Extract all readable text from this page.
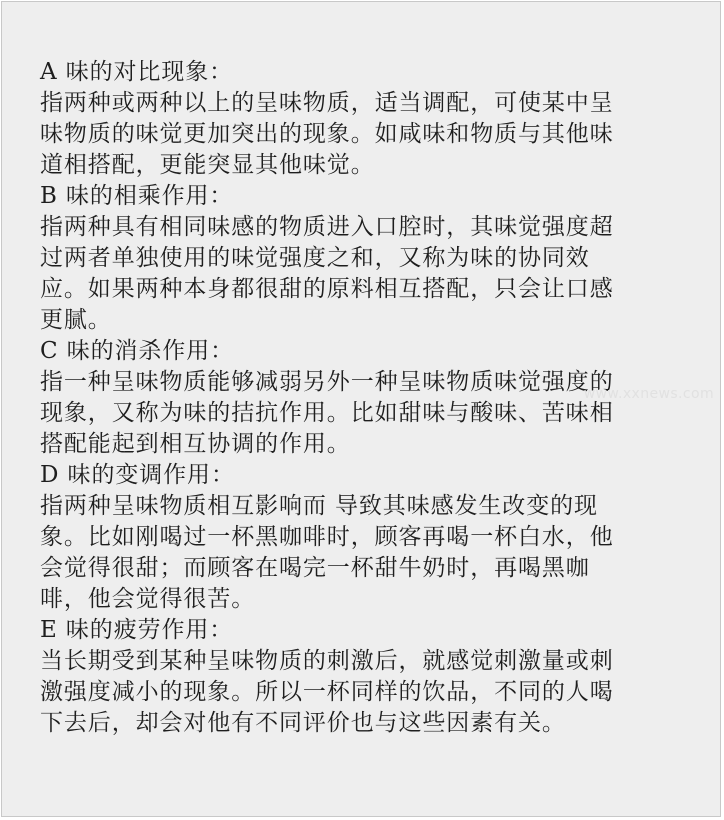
A 味的对比现象：
指两种或两种以上的呈味物质，适当调配，可使某中呈
味物质的味觉更加突出的现象。如咸味和物质与其他味
道相搭配，更能突显其他味觉。
B 味的相乘作用：
指两种具有相同味感的物质进入口腔时，其味觉强度超
过两者单独使用的味觉强度之和，又称为味的协同效
应。如果两种本身都很甜的原料相互搭配，只会让口感
更腻。
C 味的消杀作用：
指一种呈味物质能够减弱另外一种呈味物质味觉强度的
现象，又称为味的拮抗作用。比如甜味与酸味、苦味相
搭配能起到相互协调的作用。
D 味的变调作用：
指两种呈味物质相互影响而 导致其味感发生改变的现
象。比如刚喝过一杯黑咖啡时，顾客再喝一杯白水，他
会觉得很甜；而顾客在喝完一杯甜牛奶时，再喝黑咖
啡，他会觉得很苦。
E 味的疲劳作用：
当长期受到某种呈味物质的刺激后，就感觉刺激量或刺
激强度减小的现象。所以一杯同样的饮品，不同的人喝
下去后，却会对他有不同评价也与这些因素有关。
www.xxnews.com
